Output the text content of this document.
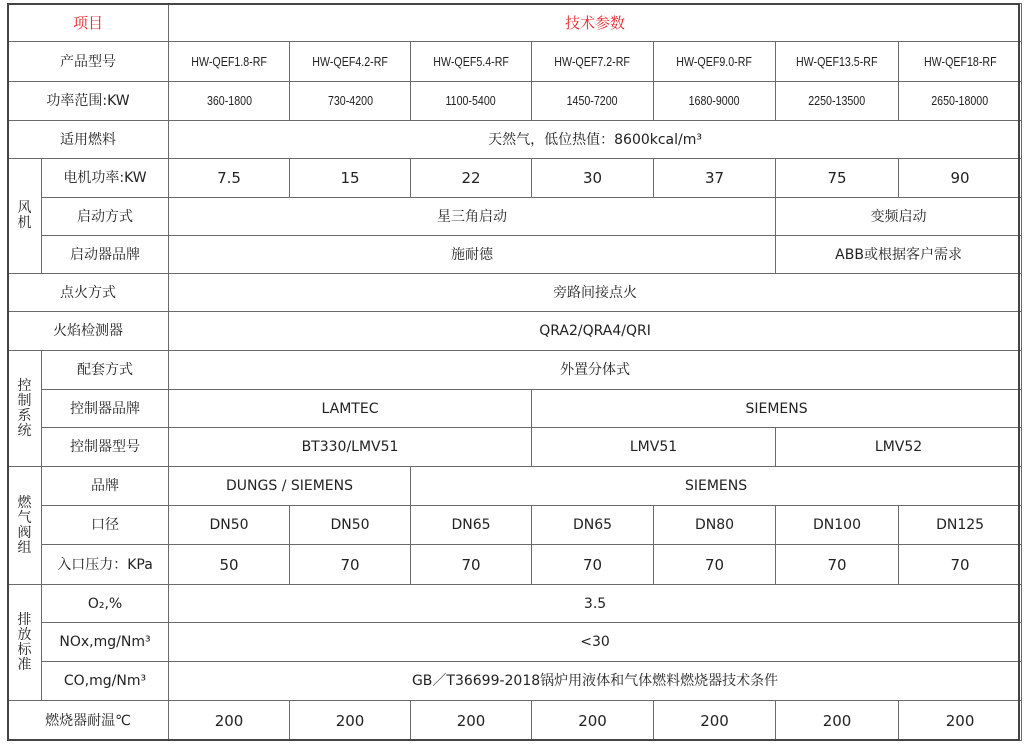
项目		技术参数						
产品型号		HW-QEF1.8-RF	HW-QEF4.2-RF	HW-QEF5.4-RF	HW-QEF7.2-RF	HW-QEF9.0-RF	HW-QEF13.5-RF	HW-QEF18-RF
功率范围:KW		360-1800	730-4200	1100-5400	1450-7200	1680-9000	2250-13500	2650-18000
适用燃料		天然气，低位热值：8600kcal/m³						

风机	电机功率:KW	7.5	15	22	30	37	75	90
	启动方式	星三角启动					变频启动	
	启动器品牌	施耐德					ABB或根据客户需求	
点火方式		旁路间接点火						
火焰检测器		QRA2/QRA4/QRI						

控制系统	配套方式	外置分体式						
	控制器品牌	LAMTEC			SIEMENS			
	控制器型号	BT330/LMV51			LMV51		LMV52	

燃气阀组	品牌	DUNGS / SIEMENS		SIEMENS				
	口径	DN50	DN50	DN65	DN65	DN80	DN100	DN125
	入口压力：KPa	50	70	70	70	70	70	70

排放标准	O₂,%	3.5						
	NOx,mg/Nm³	<30						
	CO,mg/Nm³	GB／T36699-2018锅炉用液体和气体燃料燃烧器技术条件						
燃烧器耐温℃		200	200	200	200	200	200	200
